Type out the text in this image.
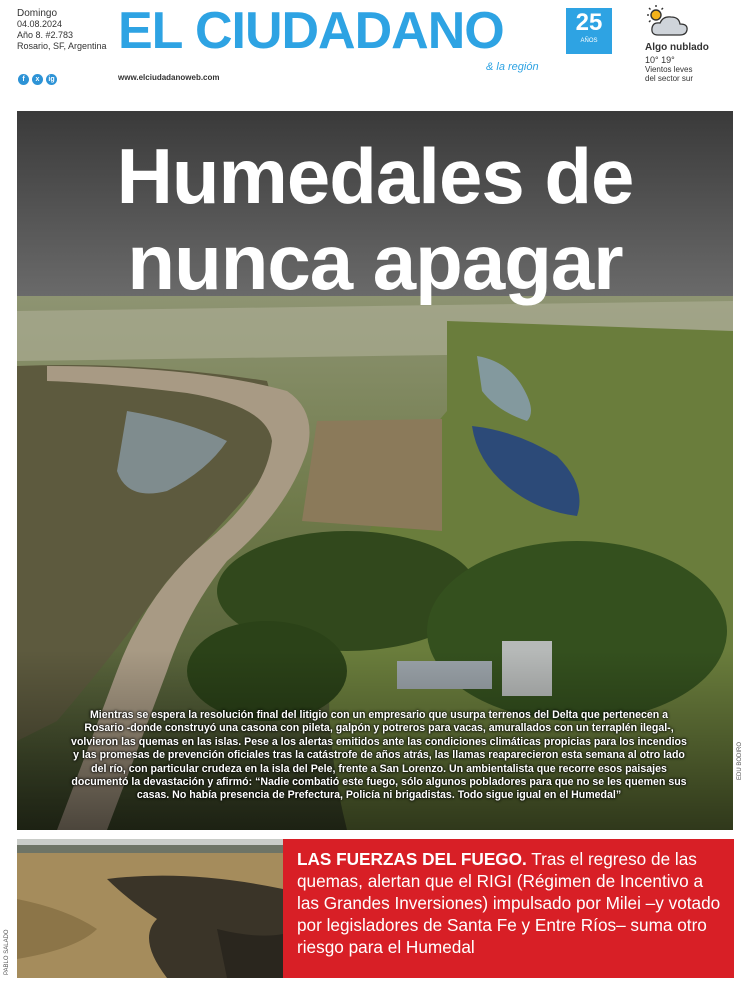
Domingo
04.08.2024
Año 8. #2.783
Rosario, SF, Argentina
f	x	ig
EL CIUDADANO	25
AÑOS
& la región
www.elciudadanoweb.com
Algo nublado
10° 19°
Vientos leves del sector sur
Humedales de
nunca apagar

Mientras se espera la resolución final del litigio con un empresario que usurpa terrenos del Delta que pertenecen a Rosario -donde construyó una casona con pileta, galpón y potreros para vacas, amurallados con un terraplén ilegal-, volvieron las quemas en las islas. Pese a los alertas emitidos ante las condiciones climáticas propicias para los incendios y las promesas de prevención oficiales tras la catástrofe de años atrás, las llamas reaparecieron esta semana al otro lado del río, con particular crudeza en la isla del Pele, frente a San Lorenzo. Un ambientalista que recorre esos paisajes documentó la devastación y afirmó: “Nadie combatió este fuego, sólo algunos pobladores para que no se les quemen sus casas. No había presencia de Prefectura, Policía ni brigadistas. Todo sigue igual en el Humedal”

EDU BODIRO
PABLO SALADO
LAS FUERZAS DEL FUEGO. Tras el regreso de las quemas, alertan que el RIGI (Régimen de Incentivo a las Grandes Inversiones) impulsado por Milei –y votado por legisladores de Santa Fe y Entre Ríos– suma otro riesgo para el Humedal
